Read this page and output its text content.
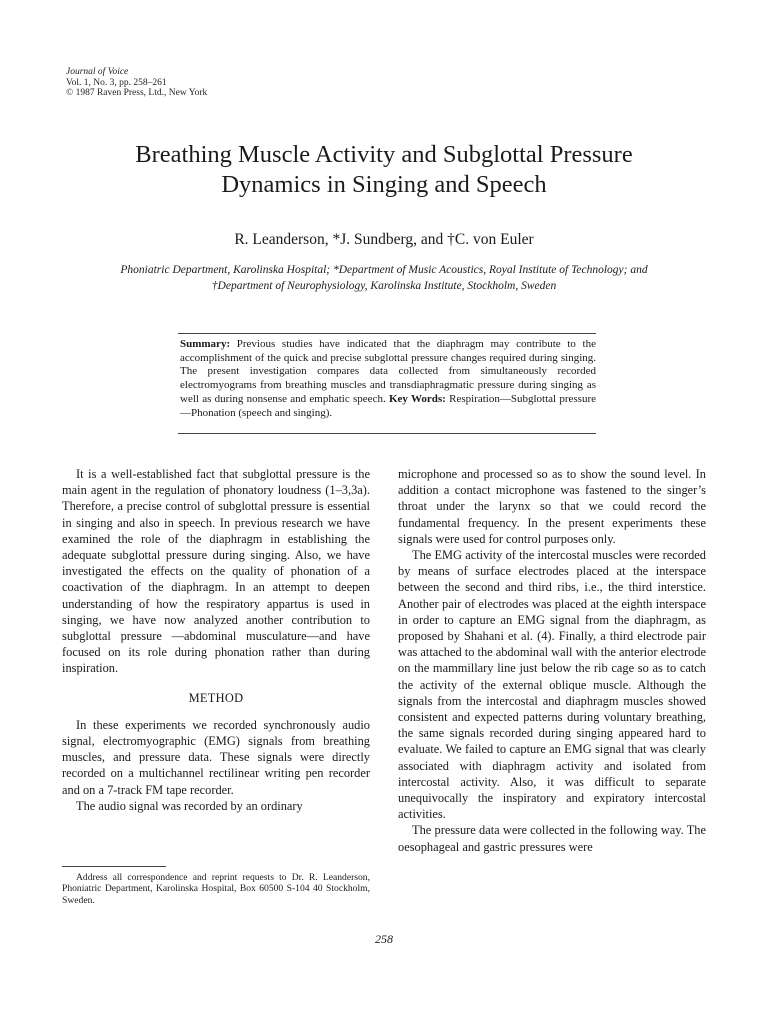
Journal of Voice
Vol. 1, No. 3, pp. 258–261
© 1987 Raven Press, Ltd., New York
Breathing Muscle Activity and Subglottal Pressure
Dynamics in Singing and Speech
R. Leanderson, *J. Sundberg, and †C. von Euler
Phoniatric Department, Karolinska Hospital; *Department of Music Acoustics, Royal Institute of Technology; and
†Department of Neurophysiology, Karolinska Institute, Stockholm, Sweden
Summary: Previous studies have indicated that the diaphragm may contribute to the accomplishment of the quick and precise subglottal pressure changes required during singing. The present investigation compares data collected from simultaneously recorded electromyograms from breathing muscles and transdiaphragmatic pressure during singing as well as during nonsense and emphatic speech. Key Words: Respiration—Subglottal pressure—Phonation (speech and singing).

It is a well-established fact that subglottal pressure is the main agent in the regulation of phonatory loudness (1–3,3a). Therefore, a precise control of subglottal pressure is essential in singing and also in speech. In previous research we have examined the role of the diaphragm in establishing the adequate subglottal pressure during singing. Also, we have investigated the effects on the quality of phonation of a coactivation of the diaphragm. In an attempt to deepen understanding of how the respiratory appartus is used in singing, we have now analyzed another contribution to subglottal pressure —abdominal musculature—and have focused on its role during phonation rather than during inspiration.

METHOD

In these experiments we recorded synchronously audio signal, electromyographic (EMG) signals from breathing muscles, and pressure data. These signals were directly recorded on a multichannel rectilinear writing pen recorder and on a 7-track FM tape recorder.

The audio signal was recorded by an ordinary

microphone and processed so as to show the sound level. In addition a contact microphone was fastened to the singer’s throat under the larynx so that we could record the fundamental frequency. In the present experiments these signals were used for control purposes only.

The EMG activity of the intercostal muscles were recorded by means of surface electrodes placed at the interspace between the second and third ribs, i.e., the third interstice. Another pair of electrodes was placed at the eighth interspace in order to capture an EMG signal from the diaphragm, as proposed by Shahani et al. (4). Finally, a third electrode pair was attached to the abdominal wall with the anterior electrode on the mammillary line just below the rib cage so as to catch the activity of the external oblique muscle. Although the signals from the intercostal and diaphragm muscles showed consistent and expected patterns during voluntary breathing, the same signals recorded during singing appeared hard to evaluate. We failed to capture an EMG signal that was clearly associated with diaphragm activity and isolated from intercostal activity. Also, it was difficult to separate unequivocally the inspiratory and expiratory intercostal activities.

The pressure data were collected in the following way. The oesophageal and gastric pressures were

Address all correspondence and reprint requests to Dr. R. Leanderson, Phoniatric Department, Karolinska Hospital, Box 60500 S-104 40 Stockholm, Sweden.

258
